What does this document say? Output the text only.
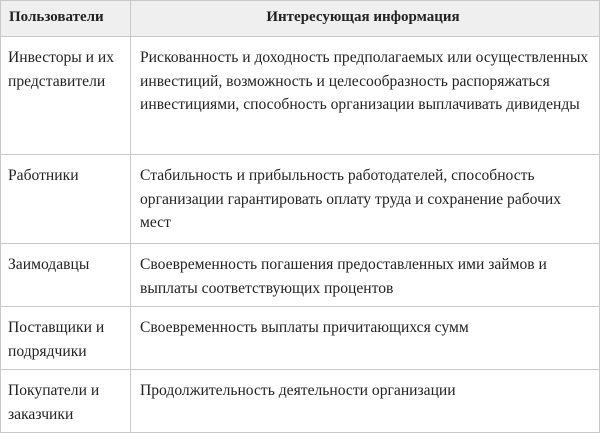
Пользователи	Интересующая информация
Инвесторы и их представители	Рискованность и доходность предполагаемых или осуществленных инвестиций, возможность и целесообразность распоряжаться инвестициями, способность организации выплачивать дивиденды
Работники	Стабильность и прибыльность работодателей, способность организации гарантировать оплату труда и сохранение рабочих мест
Заимодавцы	Своевременность погашения предоставленных ими займов и выплаты соответствующих процентов
Поставщики и подрядчики	Своевременность выплаты причитающихся сумм
Покупатели и заказчики	Продолжительность деятельности организации
